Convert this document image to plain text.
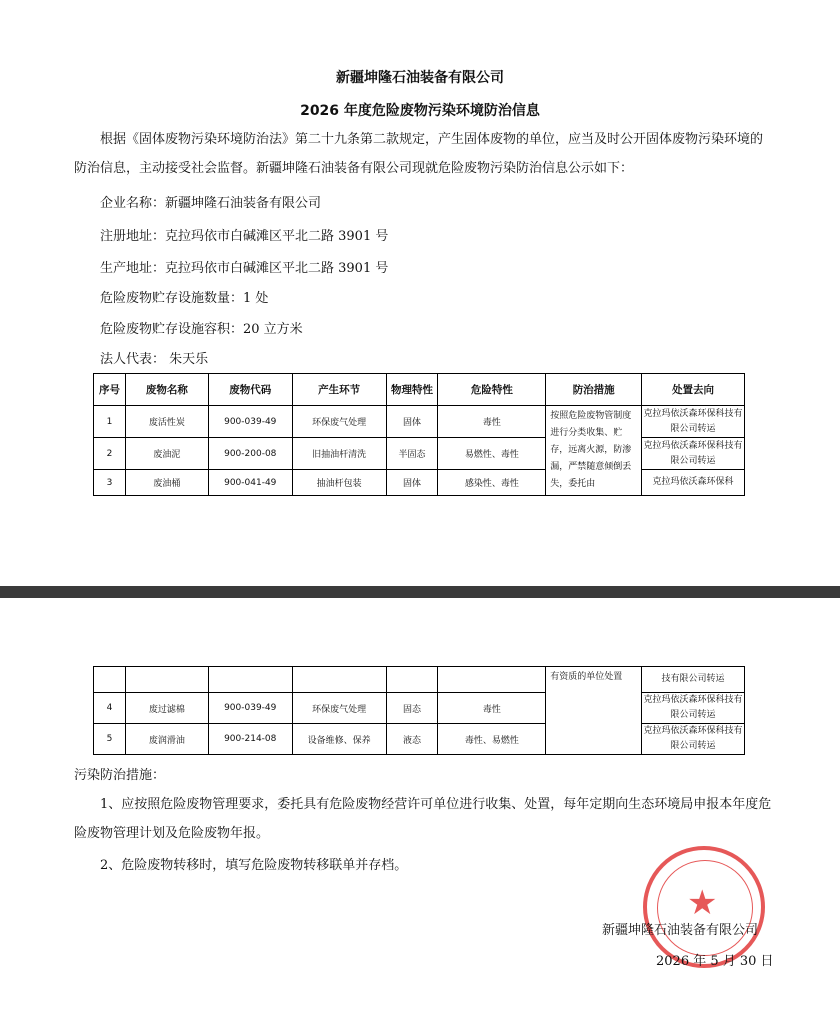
新疆坤隆石油装备有限公司
2026 年度危险废物污染环境防治信息
根据《固体废物污染环境防治法》第二十九条第二款规定，产生固体废物的单位，应当及时公开固体废物污染环境的防治信息，主动接受社会监督。新疆坤隆石油装备有限公司现就危险废物污染防治信息公示如下：
企业名称：新疆坤隆石油装备有限公司
注册地址：克拉玛依市白碱滩区平北二路 3901 号
生产地址：克拉玛依市白碱滩区平北二路 3901 号
危险废物贮存设施数量：1 处
危险废物贮存设施容积：20 立方米
法人代表： 朱天乐
序号	废物名称	废物代码	产生环节	物理特性	危险特性	防治措施	处置去向
1	废活性炭	900-039-49	环保废气处理	固体	毒性	按照危险废物管制度进行分类收集、贮存，远离火源，防渗漏，严禁随意倾倒丢失，委托由	克拉玛依沃森环保科技有限公司转运
2	废油泥	900-200-08	旧抽油杆清洗	半固态	易燃性、毒性		克拉玛依沃森环保科技有限公司转运
3	废油桶	900-041-49	抽油杆包装	固体	感染性、毒性		克拉玛依沃森环保科
						有资质的单位处置	技有限公司转运
4	废过滤棉	900-039-49	环保废气处理	固态	毒性		克拉玛依沃森环保科技有限公司转运
5	废润滑油	900-214-08	设备维修、保养	液态	毒性、易燃性		克拉玛依沃森环保科技有限公司转运
污染防治措施：
1、应按照危险废物管理要求，委托具有危险废物经营许可单位进行收集、处置，每年定期向生态环境局申报本年度危险废物管理计划及危险废物年报。
2、危险废物转移时，填写危险废物转移联单并存档。
★
新疆坤隆石油装备有限公司
2026 年 5 月 30 日
